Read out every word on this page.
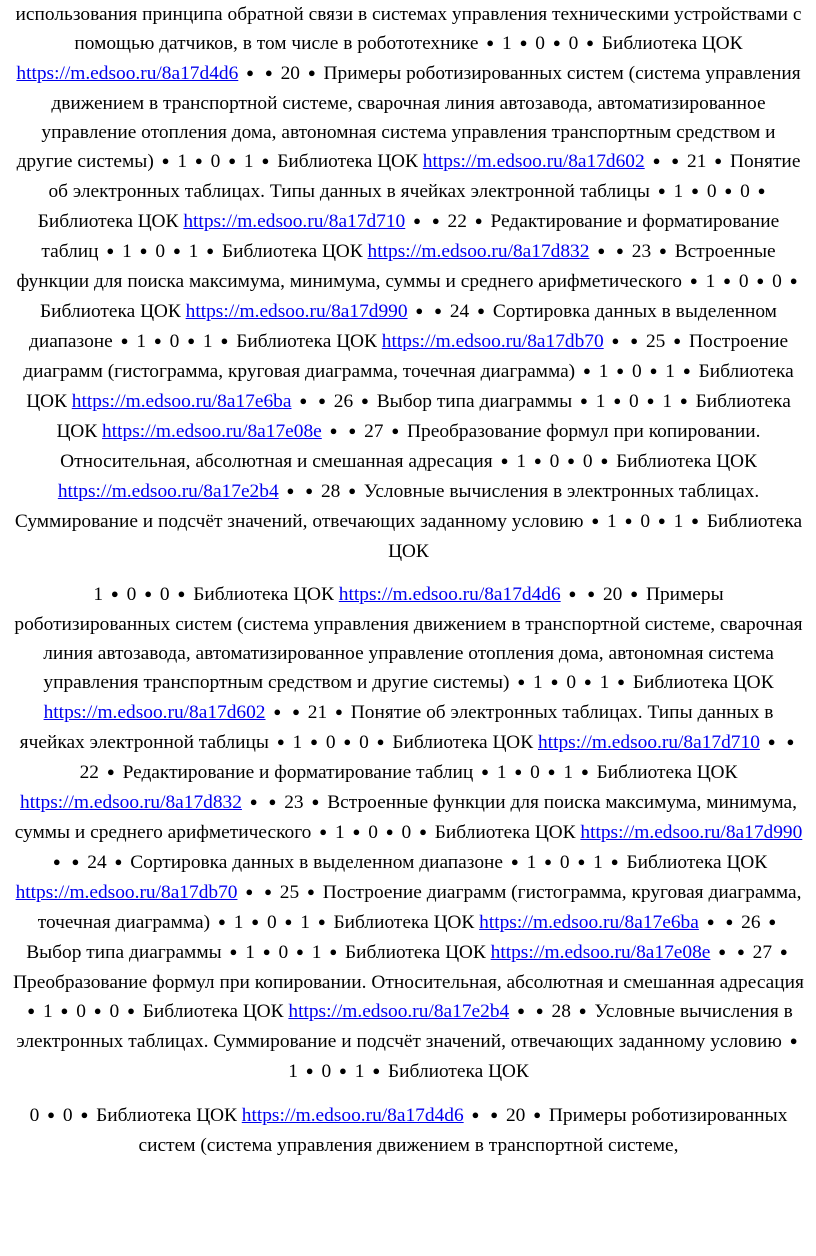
использования принципа обратной связи в системах управления техническими устройствами с помощью датчиков, в том числе в робототехнике ● 1 ● 0 ● 0 ● Библиотека ЦОК https://m.edsoo.ru/8a17d4d6 ● ● 20 ● Примеры роботизированных систем (система управления движением в транспортной системе, сварочная линия автозавода, автоматизированное управление отопления дома, автономная система управления транспортным средством и другие системы) ● 1 ● 0 ● 1 ● Библиотека ЦОК https://m.edsoo.ru/8a17d602 ● ● 21 ● Понятие об электронных таблицах. Типы данных в ячейках электронной таблицы ● 1 ● 0 ● 0 ● Библиотека ЦОК https://m.edsoo.ru/8a17d710 ● ● 22 ● Редактирование и форматирование таблиц ● 1 ● 0 ● 1 ● Библиотека ЦОК https://m.edsoo.ru/8a17d832 ● ● 23 ● Встроенные функции для поиска максимума, минимума, суммы и среднего арифметического ● 1 ● 0 ● 0 ● Библиотека ЦОК https://m.edsoo.ru/8a17d990 ● ● 24 ● Сортировка данных в выделенном диапазоне ● 1 ● 0 ● 1 ● Библиотека ЦОК https://m.edsoo.ru/8a17db70 ● ● 25 ● Построение диаграмм (гистограмма, круговая диаграмма, точечная диаграмма) ● 1 ● 0 ● 1 ● Библиотека ЦОК https://m.edsoo.ru/8a17e6ba ● ● 26 ● Выбор типа диаграммы ● 1 ● 0 ● 1 ● Библиотека ЦОК https://m.edsoo.ru/8a17e08e ● ● 27 ● Преобразование формул при копировании. Относительная, абсолютная и смешанная адресация ● 1 ● 0 ● 0 ● Библиотека ЦОК https://m.edsoo.ru/8a17e2b4 ● ● 28 ● Условные вычисления в электронных таблицах. Суммирование и подсчёт значений, отвечающих заданному условию ● 1 ● 0 ● 1 ● Библиотека ЦОК

1 ● 0 ● 0 ● Библиотека ЦОК https://m.edsoo.ru/8a17d4d6 ● ● 20 ● Примеры роботизированных систем (система управления движением в транспортной системе, сварочная линия автозавода, автоматизированное управление отопления дома, автономная система управления транспортным средством и другие системы) ● 1 ● 0 ● 1 ● Библиотека ЦОК https://m.edsoo.ru/8a17d602 ● ● 21 ● Понятие об электронных таблицах. Типы данных в ячейках электронной таблицы ● 1 ● 0 ● 0 ● Библиотека ЦОК https://m.edsoo.ru/8a17d710 ● ● 22 ● Редактирование и форматирование таблиц ● 1 ● 0 ● 1 ● Библиотека ЦОК https://m.edsoo.ru/8a17d832 ● ● 23 ● Встроенные функции для поиска максимума, минимума, суммы и среднего арифметического ● 1 ● 0 ● 0 ● Библиотека ЦОК https://m.edsoo.ru/8a17d990 ● ● 24 ● Сортировка данных в выделенном диапазоне ● 1 ● 0 ● 1 ● Библиотека ЦОК https://m.edsoo.ru/8a17db70 ● ● 25 ● Построение диаграмм (гистограмма, круговая диаграмма, точечная диаграмма) ● 1 ● 0 ● 1 ● Библиотека ЦОК https://m.edsoo.ru/8a17e6ba ● ● 26 ● Выбор типа диаграммы ● 1 ● 0 ● 1 ● Библиотека ЦОК https://m.edsoo.ru/8a17e08e ● ● 27 ● Преобразование формул при копировании. Относительная, абсолютная и смешанная адресация ● 1 ● 0 ● 0 ● Библиотека ЦОК https://m.edsoo.ru/8a17e2b4 ● ● 28 ● Условные вычисления в электронных таблицах. Суммирование и подсчёт значений, отвечающих заданному условию ● 1 ● 0 ● 1 ● Библиотека ЦОК

0 ● 0 ● Библиотека ЦОК https://m.edsoo.ru/8a17d4d6 ● ● 20 ● Примеры роботизированных систем (система управления движением в транспортной системе,
